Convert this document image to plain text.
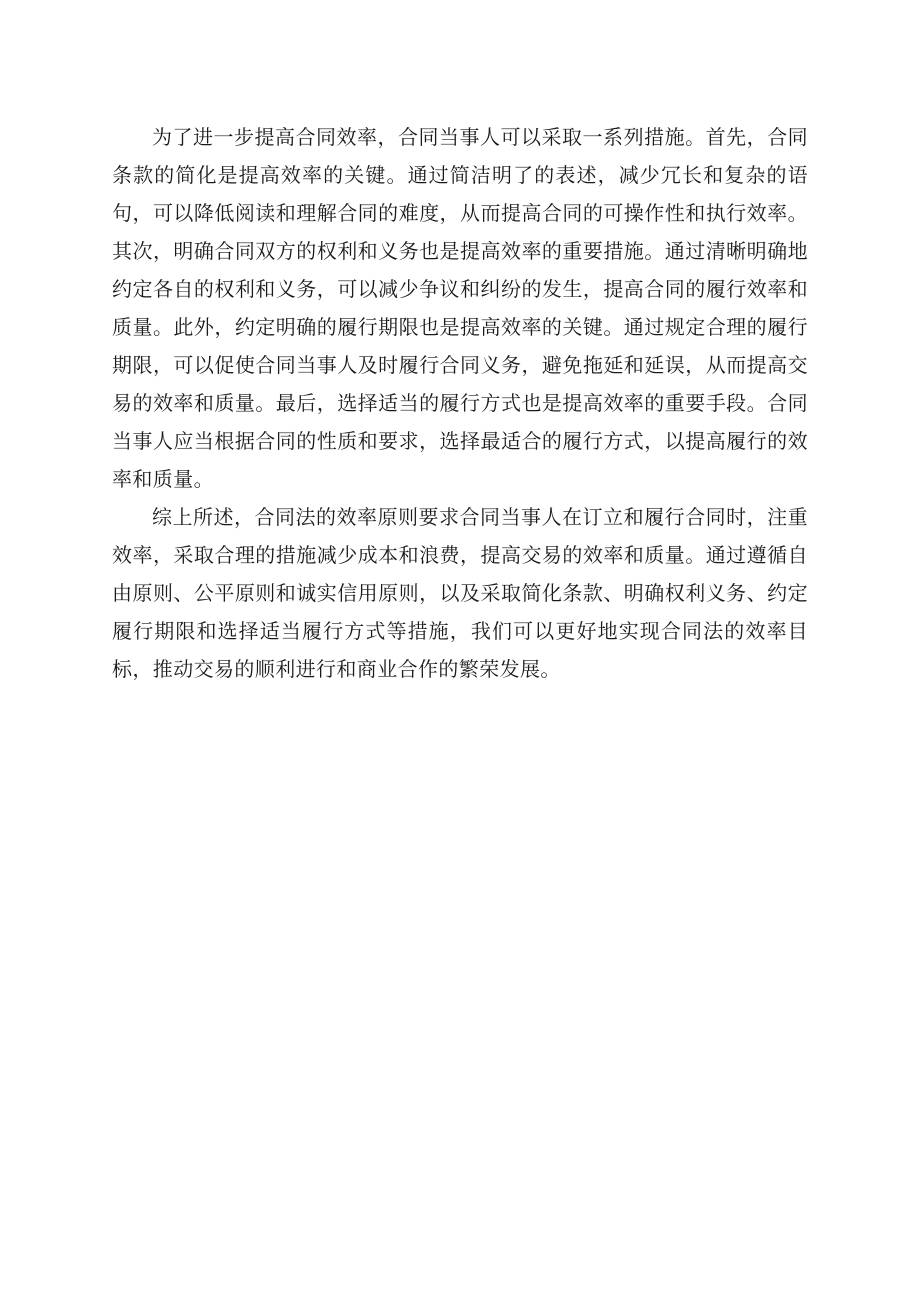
为了进一步提高合同效率，合同当事人可以采取一系列措施。首先，合同条款的简化是提高效率的关键。通过简洁明了的表述，减少冗长和复杂的语句，可以降低阅读和理解合同的难度，从而提高合同的可操作性和执行效率。其次，明确合同双方的权利和义务也是提高效率的重要措施。通过清晰明确地约定各自的权利和义务，可以减少争议和纠纷的发生，提高合同的履行效率和质量。此外，约定明确的履行期限也是提高效率的关键。通过规定合理的履行期限，可以促使合同当事人及时履行合同义务，避免拖延和延误，从而提高交易的效率和质量。最后，选择适当的履行方式也是提高效率的重要手段。合同当事人应当根据合同的性质和要求，选择最适合的履行方式，以提高履行的效率和质量。

综上所述，合同法的效率原则要求合同当事人在订立和履行合同时，注重效率，采取合理的措施减少成本和浪费，提高交易的效率和质量。通过遵循自由原则、公平原则和诚实信用原则，以及采取简化条款、明确权利义务、约定履行期限和选择适当履行方式等措施，我们可以更好地实现合同法的效率目标，推动交易的顺利进行和商业合作的繁荣发展。
